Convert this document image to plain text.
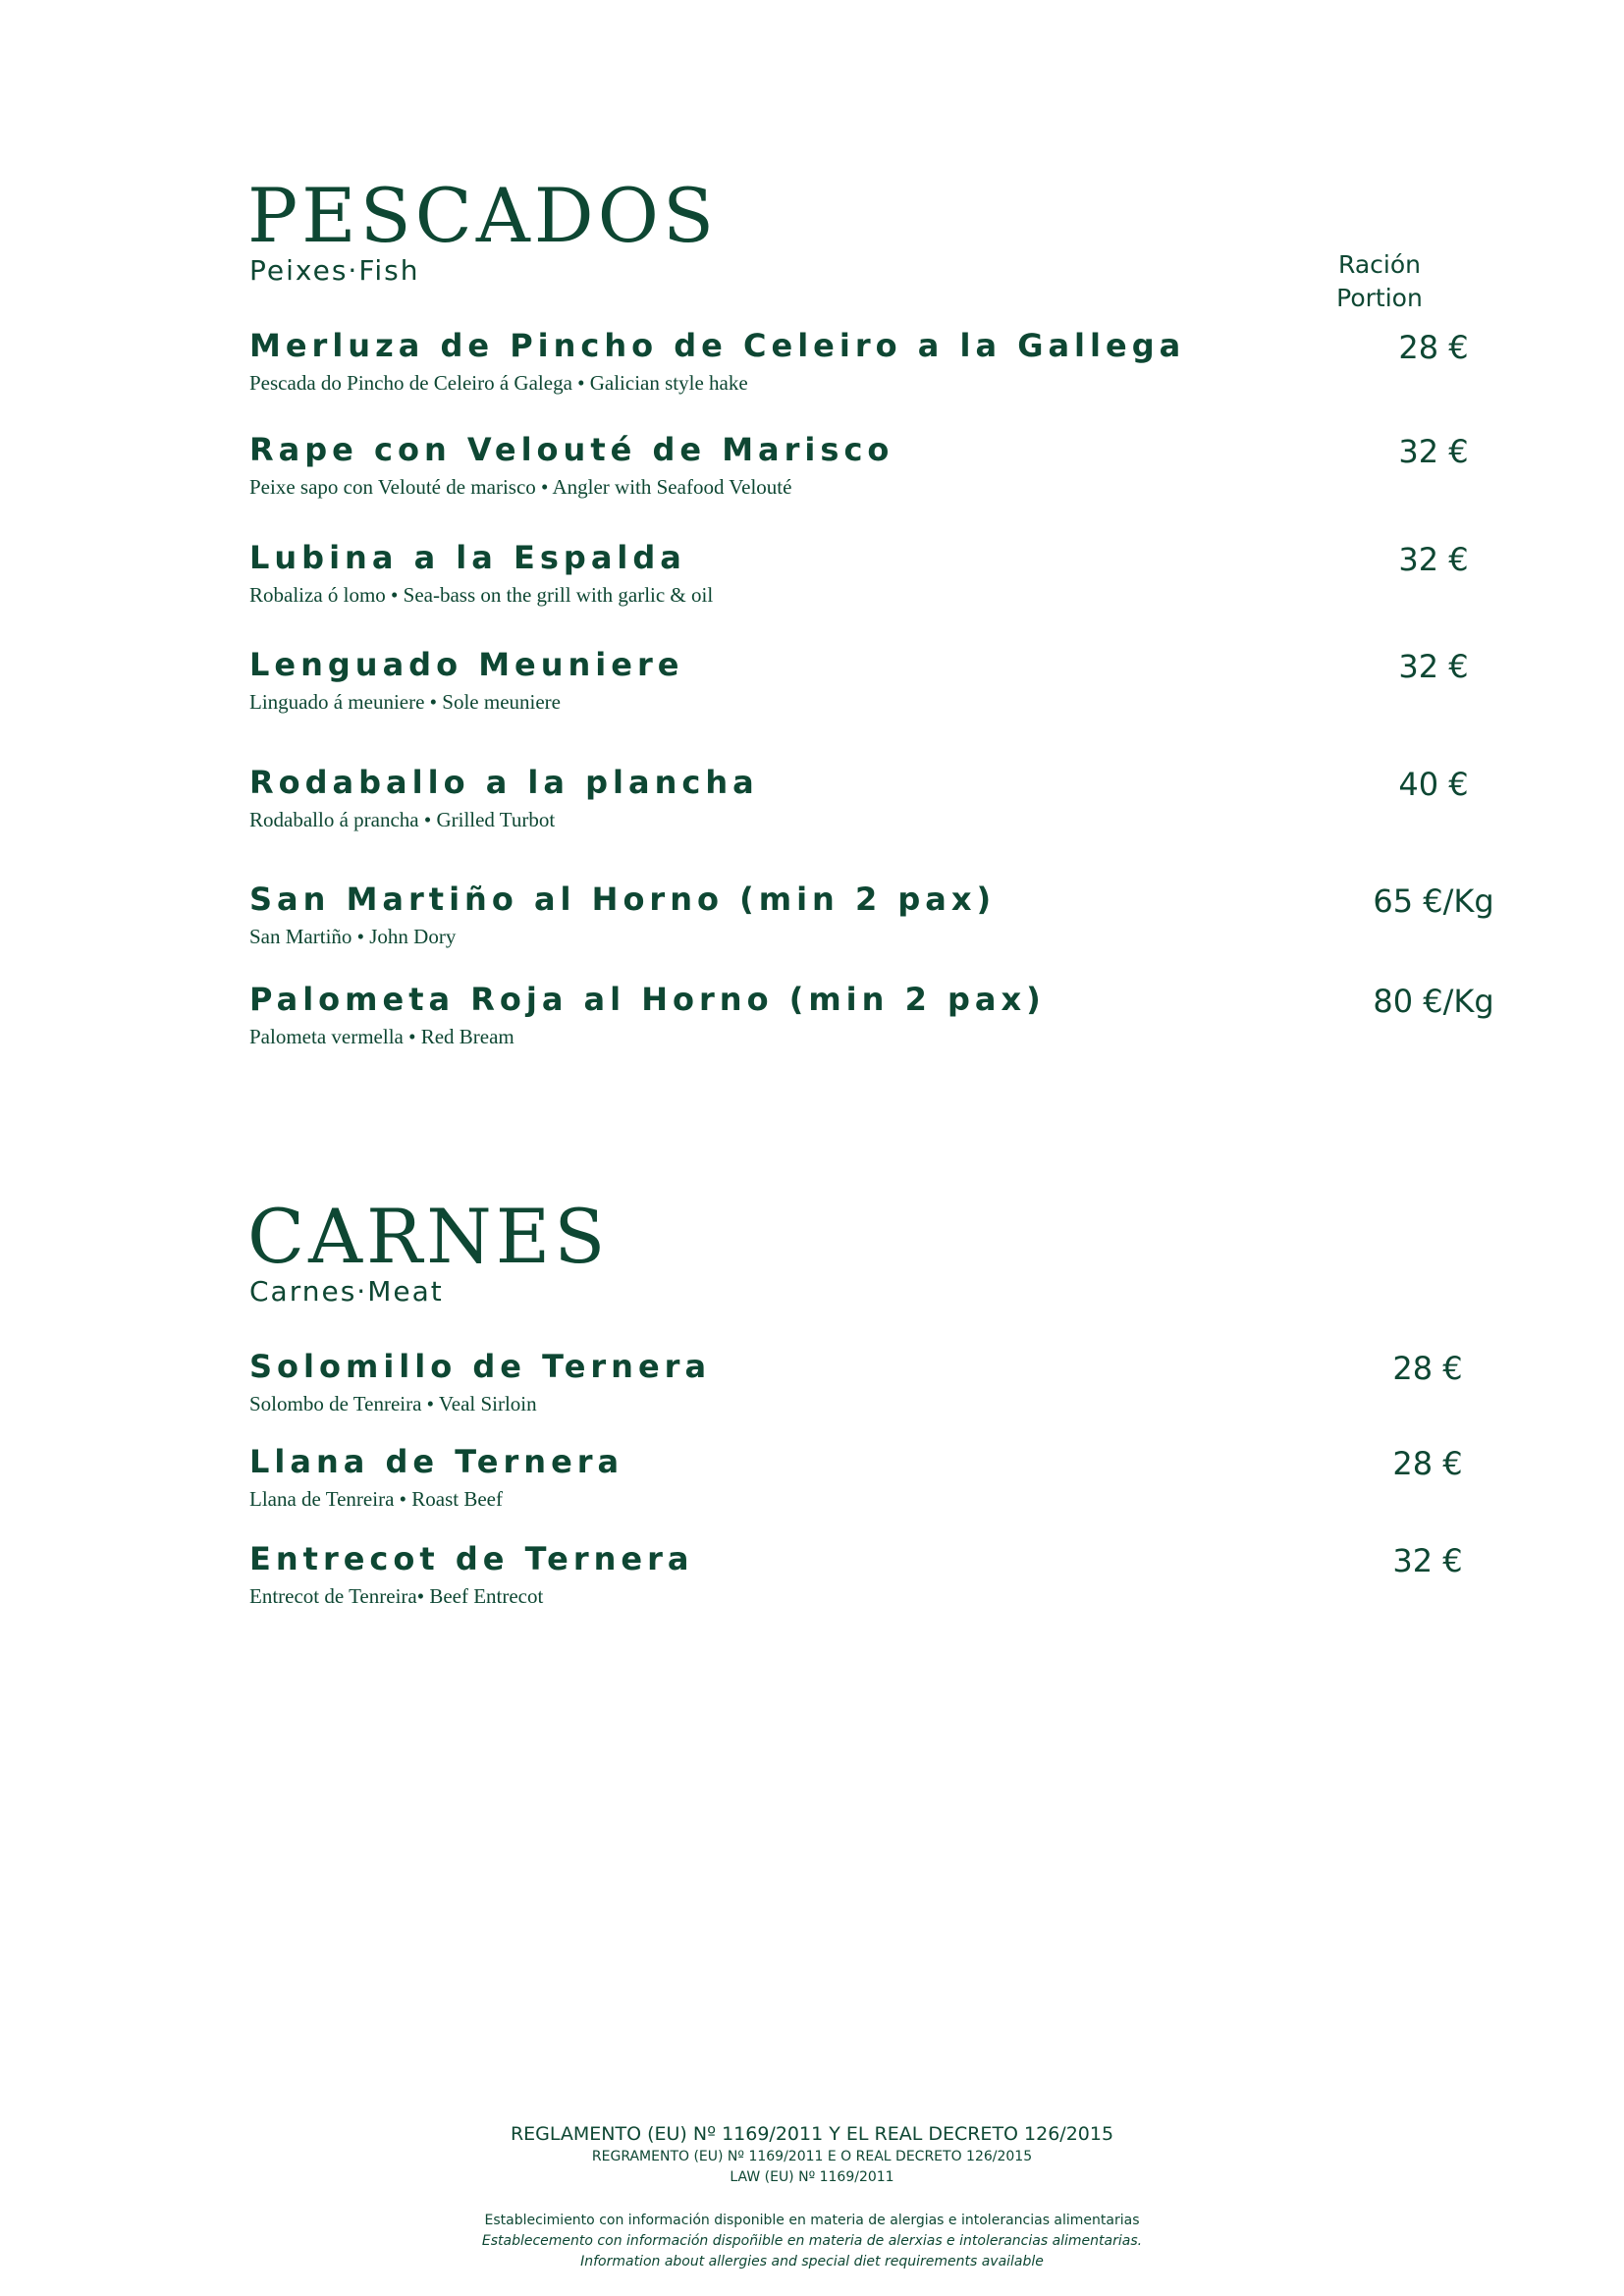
PESCADOS
Peixes·Fish	Ración
Portion
Merluza de Pincho de Celeiro a la Gallega
Pescada do Pincho de Celeiro á Galega • Galician style hake
28 €
Rape con Velouté de Marisco
Peixe sapo con Velouté de marisco • Angler with Seafood Velouté
32 €
Lubina a la Espalda
Robaliza ó lomo • Sea-bass on the grill with garlic & oil
32 €
Lenguado Meuniere
Linguado á meuniere • Sole meuniere
32 €
Rodaballo a la plancha
Rodaballo á prancha • Grilled Turbot
40 €
San Martiño al Horno (min 2 pax)
San Martiño • John Dory
65 €/Kg
Palometa Roja al Horno (min 2 pax)
Palometa vermella • Red Bream
80 €/Kg
CARNES
Carnes·Meat
Solomillo de Ternera
Solombo de Tenreira • Veal Sirloin
28 €
Llana de Ternera
Llana de Tenreira • Roast Beef
28 €
Entrecot de Ternera
Entrecot de Tenreira• Beef Entrecot
32 €
REGLAMENTO (EU) Nº 1169/2011 Y EL REAL DECRETO 126/2015
REGRAMENTO (EU) Nº 1169/2011 E O REAL DECRETO 126/2015
LAW (EU) Nº 1169/2011
Establecimiento con información disponible en materia de alergias e intolerancias alimentarias
Establecemento con información dispoñible en materia de alerxias e intolerancias alimentarias.
Information about allergies and special diet requirements available
